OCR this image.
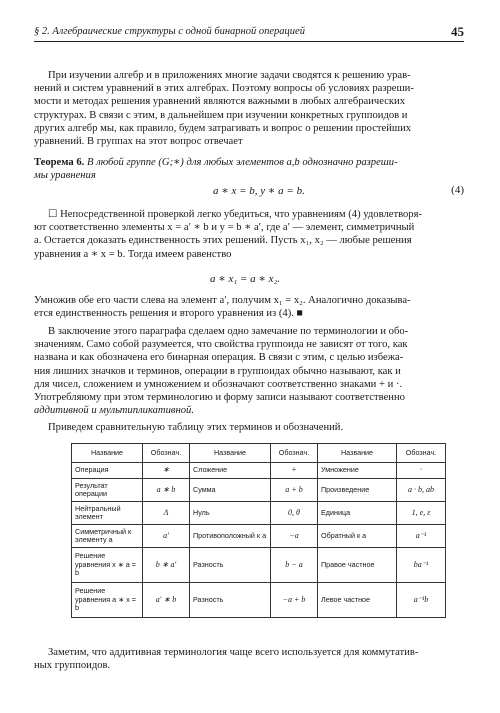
§ 2. Алгебраические структуры с одной бинарной операцией	45
При изучении алгебр и в приложениях многие задачи сводятся к решению урав-
нений и систем уравнений в этих алгебрах. Поэтому вопросы об условиях разреши-
мости и методах решения уравнений являются важными в любых алгебраических
структурах. В связи с этим, в дальнейшем при изучении конкретных группоидов и
других алгебр мы, как правило, будем затрагивать и вопрос о решении простейших
уравнений. В группах на этот вопрос отвечает
Теорема 6. В любой группе (G;∗) для любых элементов a,b однозначно разреши-
мы уравнения
a ∗ x = b, y ∗ a = b.	(4)
☐ Непосредственной проверкой легко убедиться, что уравнениям (4) удовлетворя-
ют соответственно элементы x = a′ ∗ b и y = b ∗ a′, где a′ — элемент, симметричный
a. Остается доказать единственность этих решений. Пусть x₁, x₂ — любые решения
уравнения a ∗ x = b. Тогда имеем равенство
a ∗ x₁ = a ∗ x₂.
Умножив обе его части слева на элемент a′, получим x₁ = x₂. Аналогично доказыва-
ется единственность решения и второго уравнения из (4). ■
В заключение этого параграфа сделаем одно замечание по терминологии и обо-
значениям. Само собой разумеется, что свойства группоида не зависят от того, как
названа и как обозначена его бинарная операция. В связи с этим, с целью избежа-
ния лишних значков и терминов, операции в группоидах обычно называют, как и
для чисел, сложением и умножением и обозначают соответственно знаками + и ·.
Употребляюму при этом терминологию и форму записи называют соответственно
аддитивной и мультипликативной.
Приведем сравнительную таблицу этих терминов и обозначений.
Название	Обознач.	Название	Обознач.	Название	Обознач.
Операция	∗	Сложение	+	Умножение	·
Результат операции	a ∗ b	Сумма	a + b	Произведение	a · b, ab
Нейтральный элемент	Λ	Нуль	0, θ	Единица	1, e, ε
Симметричный к элементу a	a′	Противоположный к a	−a	Обратный к a	a⁻¹
Решение уравнения x ∗ a = b	b ∗ a′	Разность	b − a	Правое частное	ba⁻¹
Решение уравнения a ∗ x = b	a′ ∗ b	Разность	−a + b	Левое частное	a⁻¹b
Заметим, что аддитивная терминология чаще всего используется для коммутатив-
ных группоидов.
